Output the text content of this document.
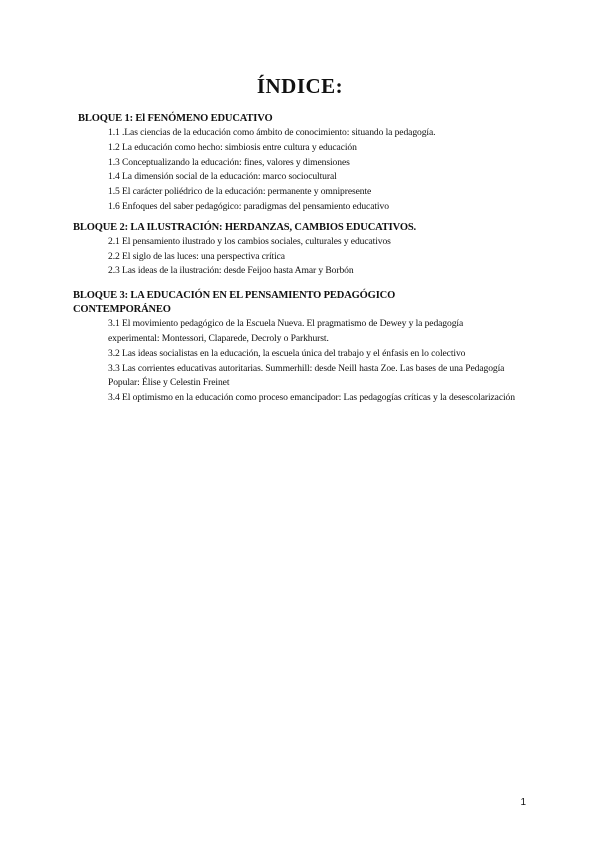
ÍNDICE:

BLOQUE 1: El FENÓMENO EDUCATIVO

1.1 .Las ciencias de la educación como ámbito de conocimiento: situando la pedagogía.
1.2 La educación como hecho: simbiosis entre cultura y educación
1.3 Conceptualizando la educación: fines, valores y dimensiones
1.4 La dimensión social de la educación: marco sociocultural
1.5 El carácter poliédrico de la educación: permanente y omnipresente
1.6 Enfoques del saber pedagógico: paradigmas del pensamiento educativo

BLOQUE 2: LA ILUSTRACIÓN: HERDANZAS, CAMBIOS EDUCATIVOS.

2.1 El pensamiento ilustrado y los cambios sociales, culturales y educativos
2.2 El siglo de las luces: una perspectiva crítica
2.3 Las ideas de la ilustración: desde Feijoo hasta Amar y Borbón

BLOQUE 3: LA EDUCACIÓN EN EL PENSAMIENTO PEDAGÓGICO CONTEMPORÁNEO

3.1 El movimiento pedagógico de la Escuela Nueva. El pragmatismo de Dewey y la pedagogía experimental: Montessori, Claparede, Decroly o Parkhurst.
3.2 Las ideas socialistas en la educación, la escuela única del trabajo y el énfasis en lo colectivo
3.3 Las corrientes educativas autoritarias. Summerhill: desde Neill hasta Zoe. Las bases de una Pedagogía Popular: Élise y Celestin Freinet
3.4 El optimismo en la educación como proceso emancipador: Las pedagogías críticas y la desescolarización

1
